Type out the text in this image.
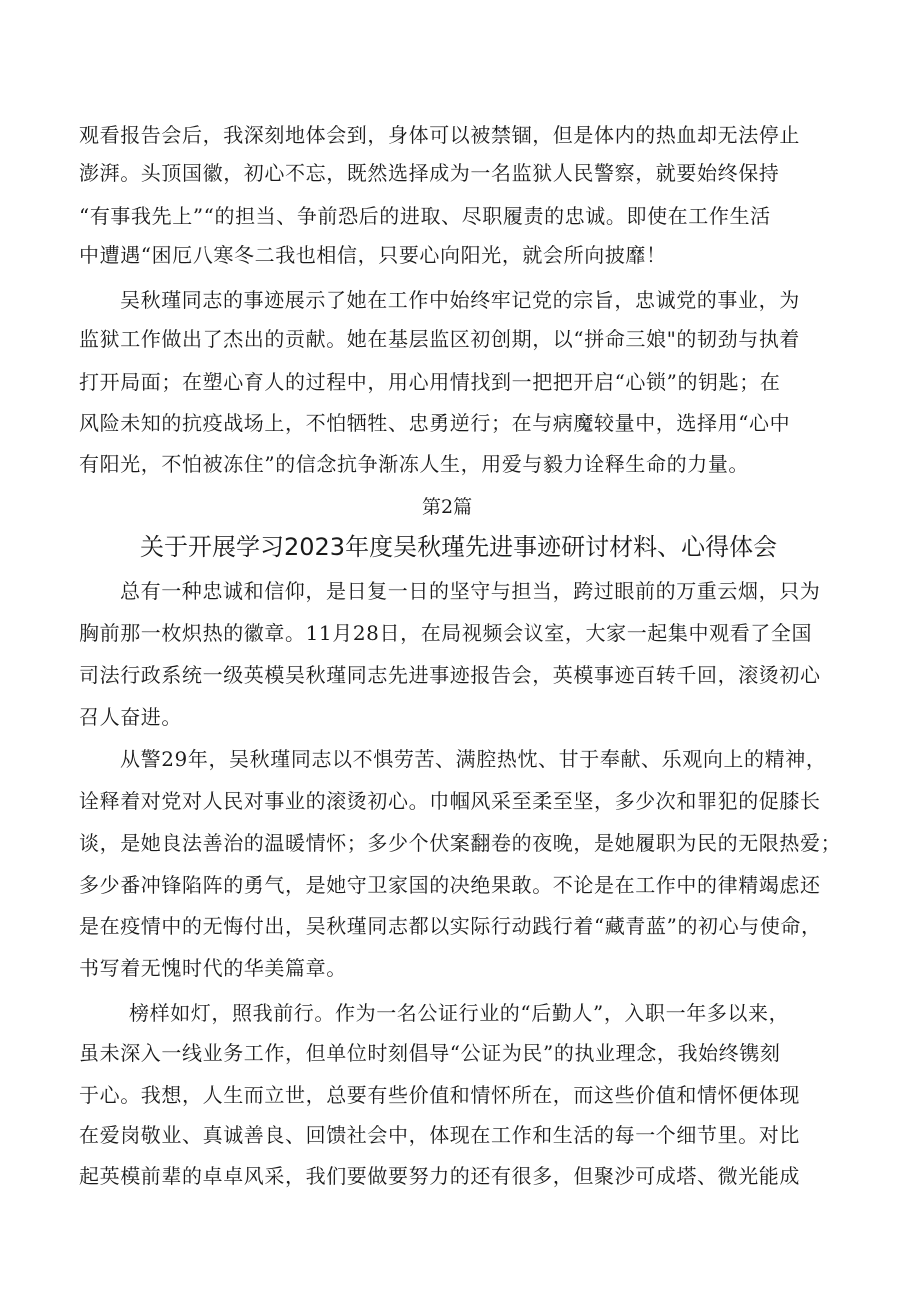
观看报告会后，我深刻地体会到，身体可以被禁锢，但是体内的热血却无法停止
澎湃。头顶国徽，初心不忘，既然选择成为一名监狱人民警察，就要始终保持
“有事我先上”“的担当、争前恐后的进取、尽职履责的忠诚。即使在工作生活
中遭遇“困厄八寒冬二我也相信，只要心向阳光，就会所向披靡！
吴秋瑾同志的事迹展示了她在工作中始终牢记党的宗旨，忠诚党的事业，为
监狱工作做出了杰出的贡献。她在基层监区初创期，以“拼命三娘"的韧劲与执着
打开局面；在塑心育人的过程中，用心用情找到一把把开启“心锁”的钥匙；在
风险未知的抗疫战场上，不怕牺牲、忠勇逆行；在与病魔较量中，选择用“心中
有阳光，不怕被冻住”的信念抗争渐冻人生，用爱与毅力诠释生命的力量。
第2篇
关于开展学习2023年度吴秋瑾先进事迹研讨材料、心得体会
总有一种忠诚和信仰，是日复一日的坚守与担当，跨过眼前的万重云烟，只为
胸前那一枚炽热的徽章。11月28日，在局视频会议室，大家一起集中观看了全国
司法行政系统一级英模吴秋瑾同志先进事迹报告会，英模事迹百转千回，滚烫初心
召人奋进。
从警29年，吴秋瑾同志以不惧劳苦、满腔热忱、甘于奉献、乐观向上的精神，
诠释着对党对人民对事业的滚烫初心。巾帼风采至柔至坚，多少次和罪犯的促膝长
谈，是她良法善治的温暖情怀；多少个伏案翻卷的夜晚，是她履职为民的无限热爱；
多少番冲锋陷阵的勇气，是她守卫家国的决绝果敢。不论是在工作中的律精竭虑还
是在疫情中的无悔付出，吴秋瑾同志都以实际行动践行着“藏青蓝”的初心与使命，
书写着无愧时代的华美篇章。
榜样如灯，照我前行。作为一名公证行业的“后勤人”，入职一年多以来，
虽未深入一线业务工作，但单位时刻倡导“公证为民”的执业理念，我始终镌刻
于心。我想，人生而立世，总要有些价值和情怀所在，而这些价值和情怀便体现
在爱岗敬业、真诚善良、回馈社会中，体现在工作和生活的每一个细节里。对比
起英模前辈的卓卓风采，我们要做要努力的还有很多，但聚沙可成塔、微光能成
